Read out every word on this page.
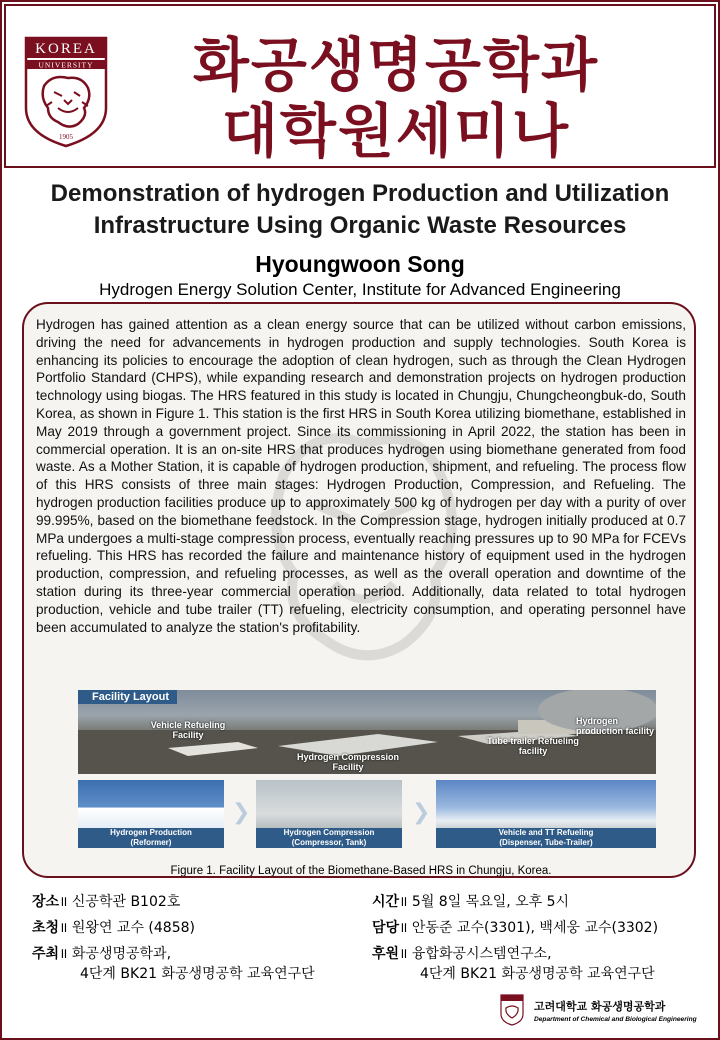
KOREA
UNIVERSITY
1905
화공생명공학과
대학원세미나
Demonstration of hydrogen Production and Utilization
Infrastructure Using Organic Waste Resources
Hyoungwoon Song
Hydrogen Energy Solution Center, Institute for Advanced Engineering
Hydrogen has gained attention as a clean energy source that can be utilized without carbon emissions, driving the need for advancements in hydrogen production and supply technologies. South Korea is enhancing its policies to encourage the adoption of clean hydrogen, such as through the Clean Hydrogen Portfolio Standard (CHPS), while expanding research and demonstration projects on hydrogen production technology using biogas. The HRS featured in this study is located in Chungju, Chungcheongbuk-do, South Korea, as shown in Figure 1. This station is the first HRS in South Korea utilizing biomethane, established in May 2019 through a government project. Since its commissioning in April 2022, the station has been in commercial operation. It is an on-site HRS that produces hydrogen using biomethane generated from food waste. As a Mother Station, it is capable of hydrogen production, shipment, and refueling. The process flow of this HRS consists of three main stages: Hydrogen Production, Compression, and Refueling. The hydrogen production facilities produce up to approximately 500 kg of hydrogen per day with a purity of over 99.995%, based on the biomethane feedstock. In the Compression stage, hydrogen initially produced at 0.7 MPa undergoes a multi-stage compression process, eventually reaching pressures up to 90 MPa for FCEVs refueling. This HRS has recorded the failure and maintenance history of equipment used in the hydrogen production, compression, and refueling processes, as well as the overall operation and downtime of the station during its three-year commercial operation period. Additionally, data related to total hydrogen production, vehicle and tube trailer (TT) refueling, electricity consumption, and operating personnel have been accumulated to analyze the station's profitability.
Facility Layout
Vehicle Refueling Facility
Hydrogen Compression Facility
Tube trailer Refueling facility
Hydrogen production facility
Hydrogen Production
(Reformer)
❯
Hydrogen Compression
(Compressor, Tank)
❯
Vehicle and TT Refueling
(Dispenser, Tube-Trailer)
Figure 1. Facility Layout of the Biomethane-Based HRS in Chungju, Korea.
장소॥ 신공학관 B102호	시간॥ 5월 8일 목요일, 오후 5시
초청॥ 원왕연 교수 (4858)	담당॥ 안동준 교수(3301), 백세웅 교수(3302)
주최॥ 화공생명공학과,
4단계 BK21 화공생명공학 교육연구단
후원॥ 융합화공시스템연구소,
4단계 BK21 화공생명공학 교육연구단
고려대학교 화공생명공학과
Department of Chemical and Biological Engineering
